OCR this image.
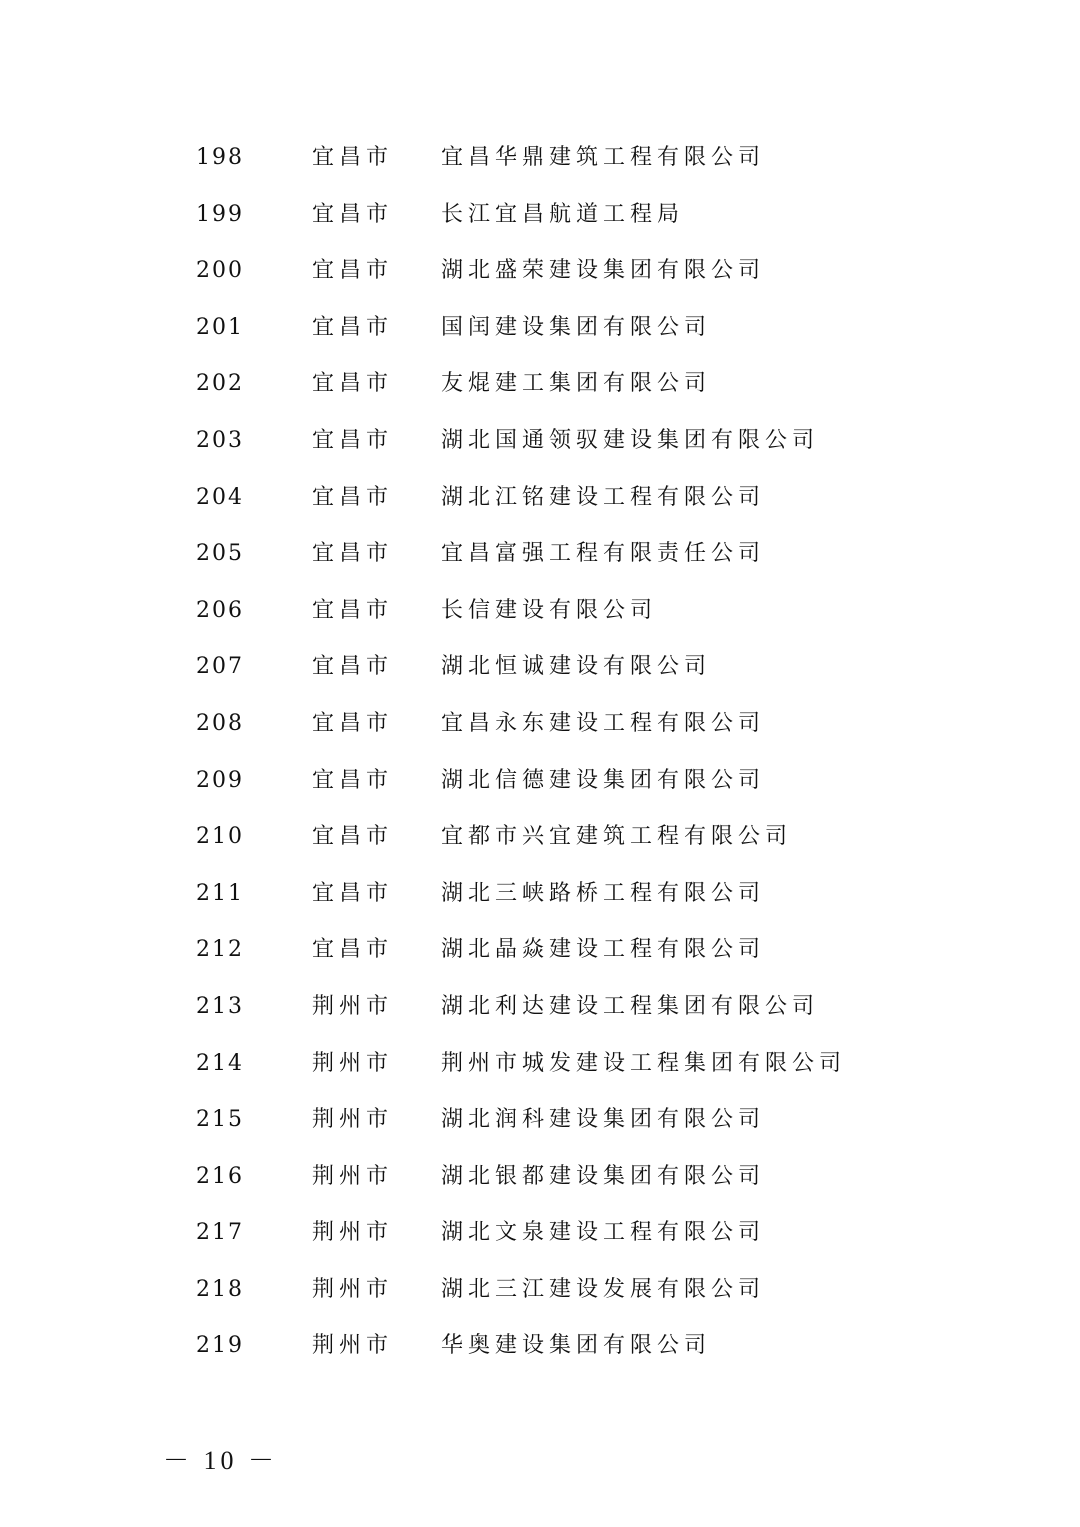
198	宜昌市 宜昌华鼎建筑工程有限公司
199	宜昌市 长江宜昌航道工程局
200	宜昌市 湖北盛荣建设集团有限公司
201	宜昌市 国闰建设集团有限公司
202	宜昌市 友焜建工集团有限公司
203	宜昌市 湖北国通领驭建设集团有限公司
204	宜昌市 湖北江铭建设工程有限公司
205	宜昌市 宜昌富强工程有限责任公司
206	宜昌市 长信建设有限公司
207	宜昌市 湖北恒诚建设有限公司
208	宜昌市 宜昌永东建设工程有限公司
209	宜昌市 湖北信德建设集团有限公司
210	宜昌市 宜都市兴宜建筑工程有限公司
211	宜昌市 湖北三峡路桥工程有限公司
212	宜昌市 湖北晶焱建设工程有限公司
213	荆州市 湖北利达建设工程集团有限公司
214	荆州市 荆州市城发建设工程集团有限公司
215	荆州市 湖北润科建设集团有限公司
216	荆州市 湖北银都建设集团有限公司
217	荆州市 湖北文泉建设工程有限公司
218	荆州市 湖北三江建设发展有限公司
219	荆州市 华奥建设集团有限公司
－ 10 －
